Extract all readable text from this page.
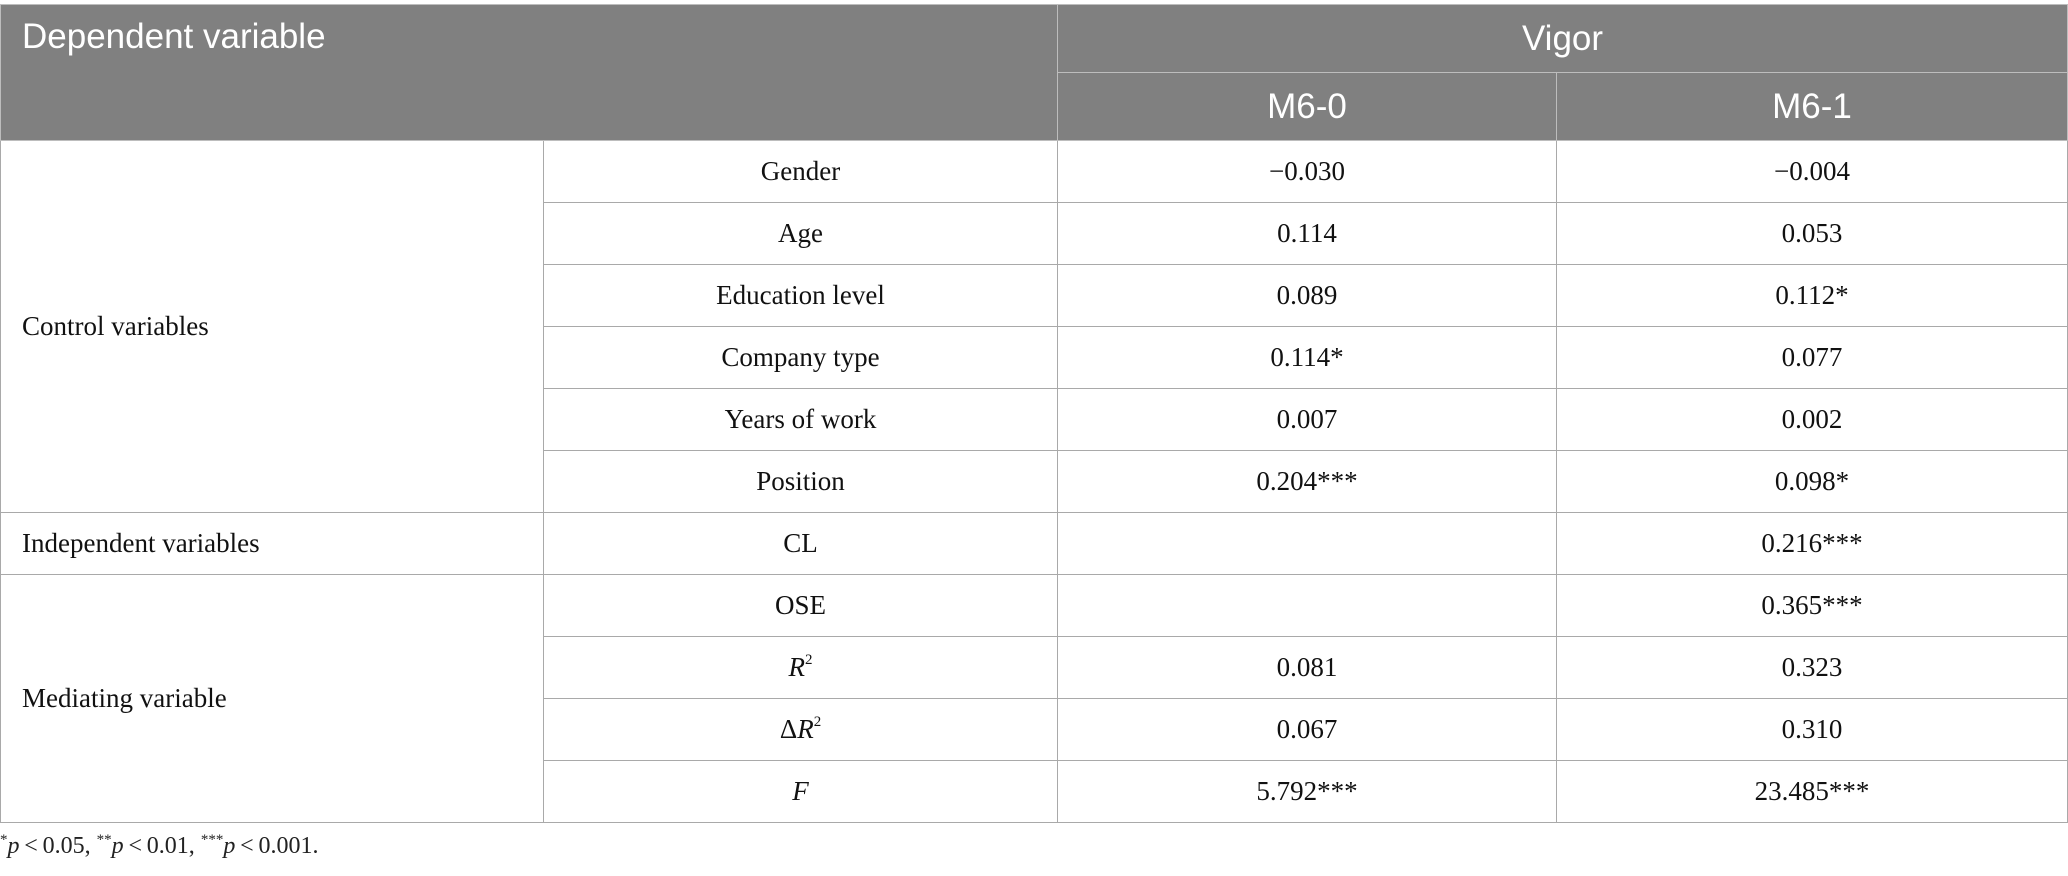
Dependent variable		Vigor	
		M6-0	M6-1
Control variables	Gender	−0.030	−0.004
	Age	0.114	0.053
	Education level	0.089	0.112*
	Company type	0.114*	0.077
	Years of work	0.007	0.002
	Position	0.204***	0.098*
Independent variables	CL		0.216***
Mediating variable	OSE		0.365***
	$R^2$	0.081	0.323
	$\Delta R^2$	0.067	0.310
	F	5.792***	23.485***
*p < 0.05, **p < 0.01, ***p < 0.001.
